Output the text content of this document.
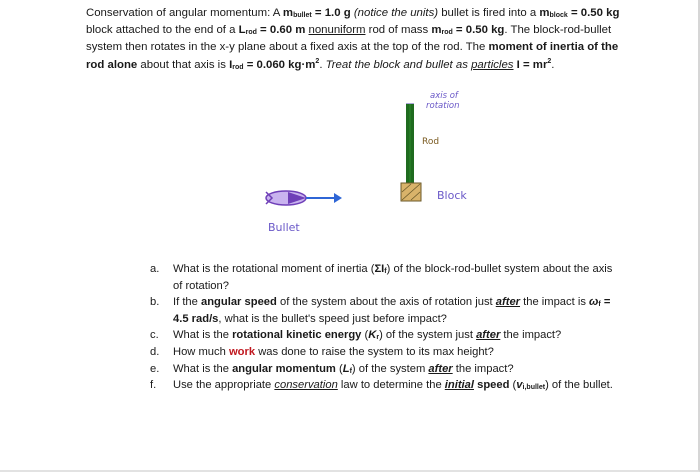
Conservation of angular momentum: A $m_{bullet} = 1.0$ g (notice the units) bullet is fired into a $m_{block} = 0.50$ kg block attached to the end of a $L_{rod} = 0.60$ m nonuniform rod of mass $m_{rod} = 0.50$ kg. The block-rod-bullet system then rotates in the x-y plane about a fixed axis at the top of the rod. The moment of inertia of the rod alone about that axis is $I_{rod} = 0.060$ $kg\cdot m^2$. Treat the block and bullet as particles $I = mr^2$.
axis of
rotation
Rod
Block
Bullet
a.	What is the rotational moment of inertia $(\Sigma I_f)$ of the block-rod-bullet system about the axis of rotation?
b.	If the angular speed of the system about the axis of rotation just after the impact is $\omega_f = 4.5$ rad/s, what is the bullet's speed just before impact?
c.	What is the rotational kinetic energy $(K_r)$ of the system just after the impact?
d.	How much work was done to raise the system to its max height?
e.	What is the angular momentum $(L_f)$ of the system after the impact?
f.	Use the appropriate conservation law to determine the initial speed $(v_{i,bullet})$ of the bullet.
